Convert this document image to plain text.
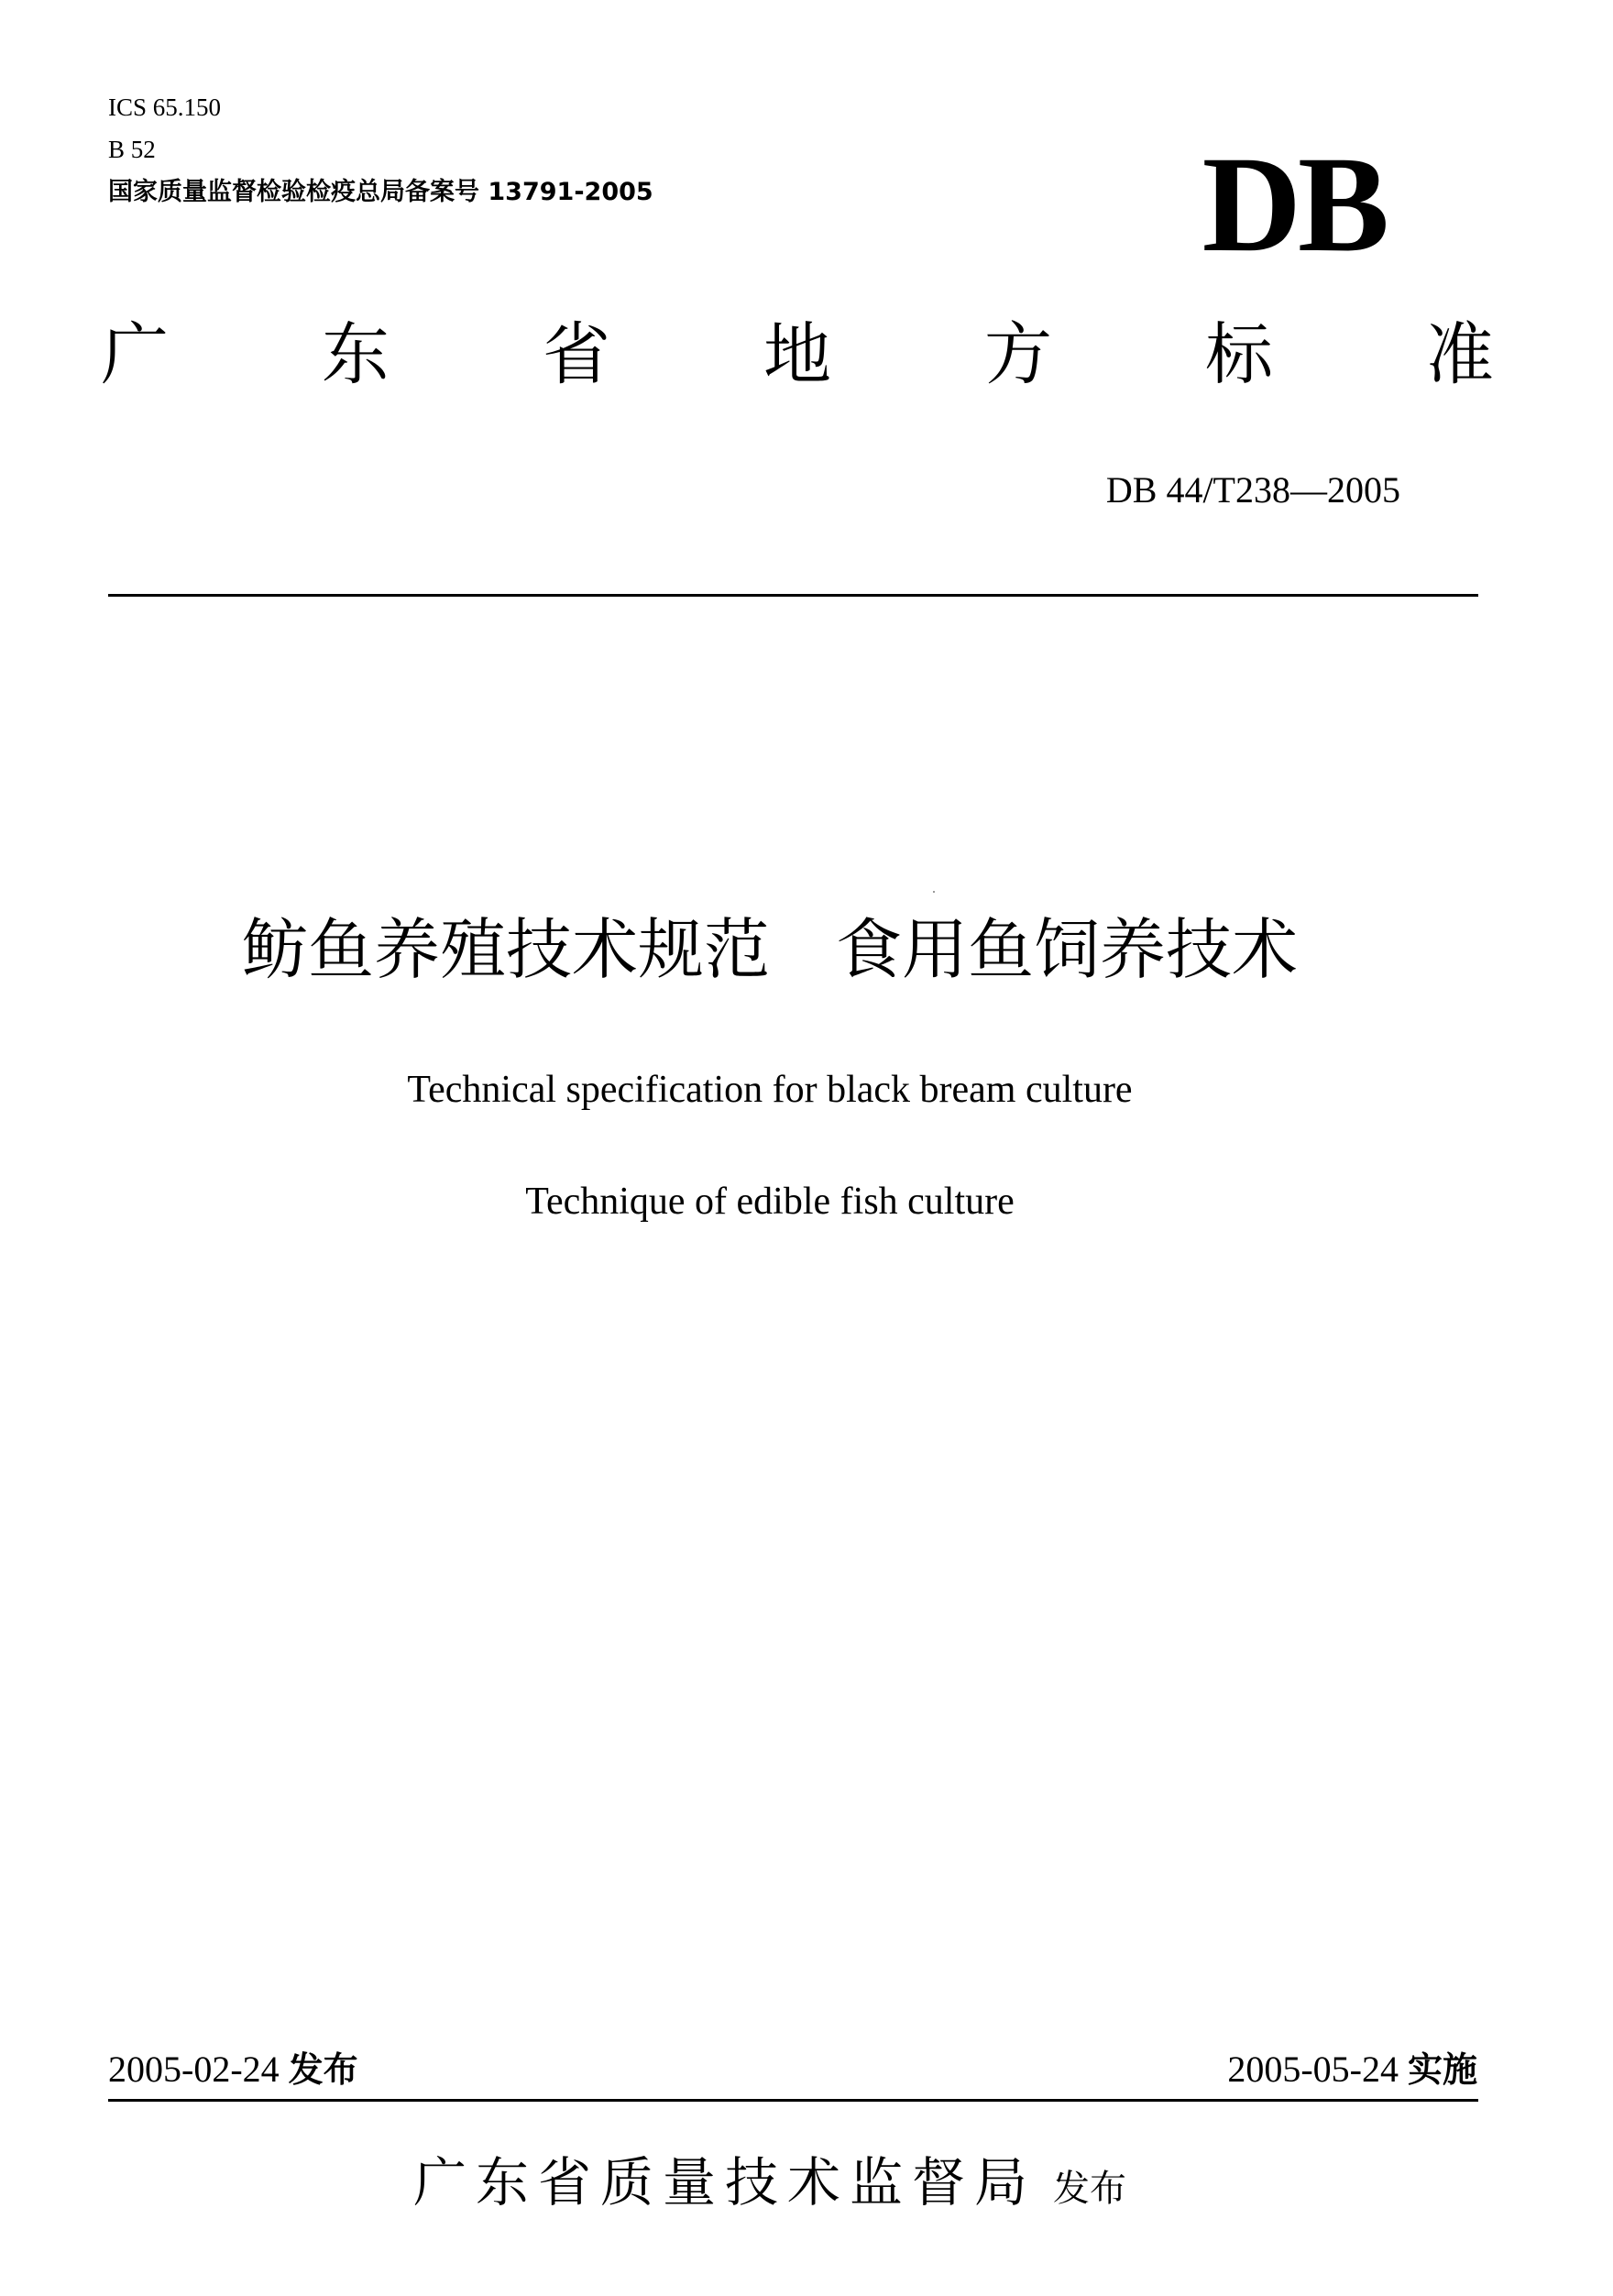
ICS 65.150
B 52
国家质量监督检验检疫总局备案号 13791-2005	DB
广 东 省 地 方 标 准
DB 44/T238—2005
鲂鱼养殖技术规范　食用鱼饲养技术
Technical specification for black bream culture
Technique of edible fish culture
2005-02-24 发布	2005-05-24 实施
广东省质量技术监督局 发布
